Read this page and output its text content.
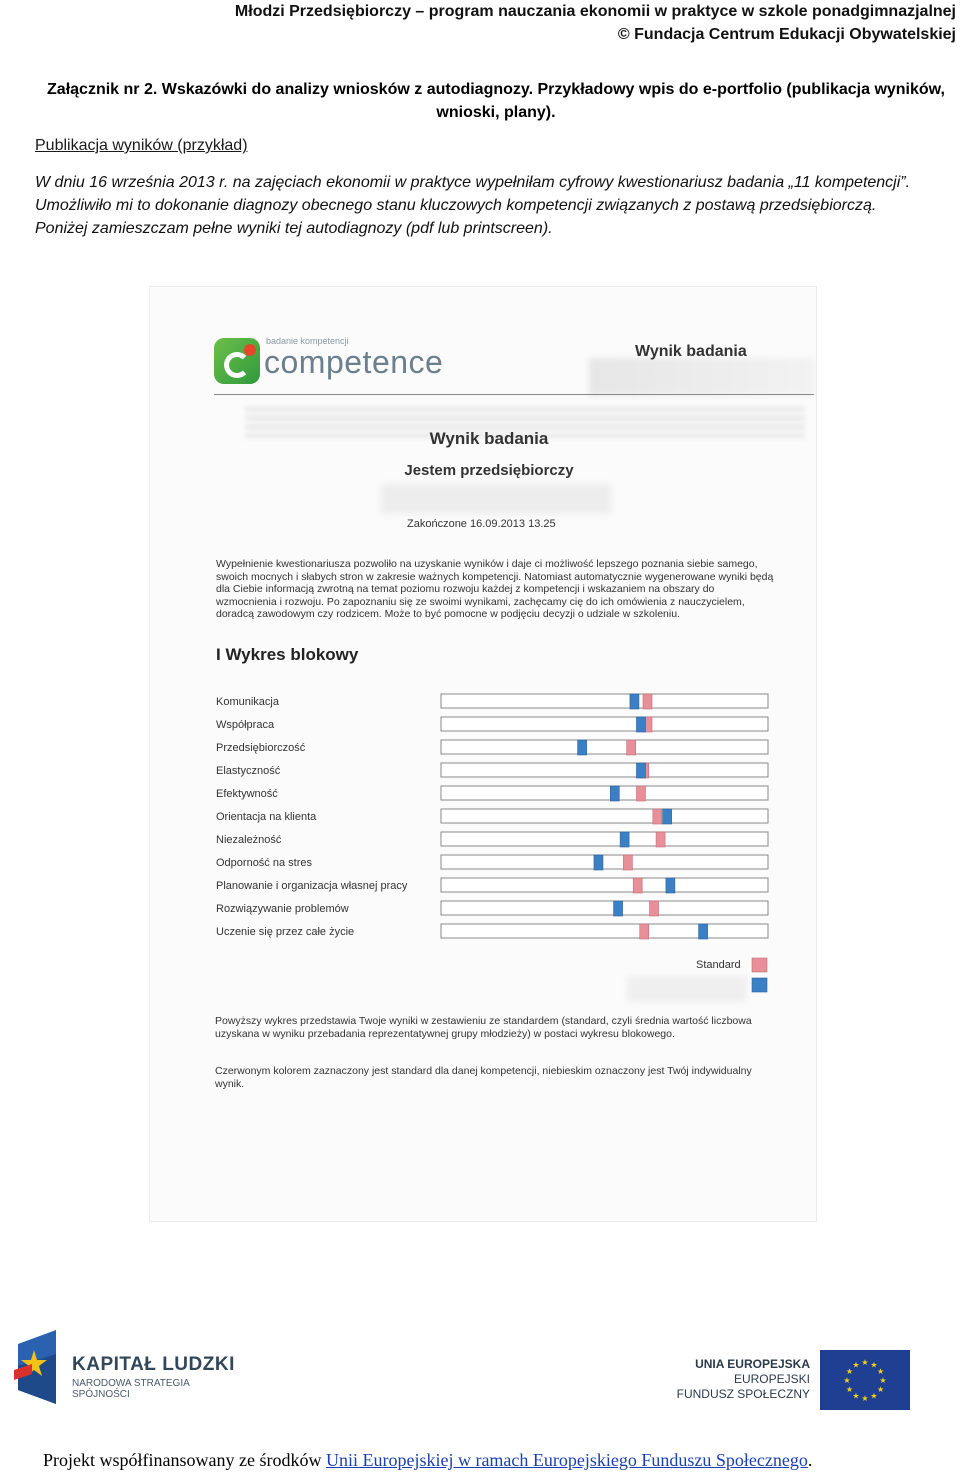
Młodzi Przedsiębiorczy – program nauczania ekonomii w praktyce w szkole ponadgimnazjalnej
© Fundacja Centrum Edukacji Obywatelskiej
Załącznik nr 2. Wskazówki do analizy wniosków z autodiagnozy. Przykładowy wpis do e-portfolio (publikacja wyników, wnioski, plany).
Publikacja wyników (przykład)
W dniu 16 września 2013 r. na zajęciach ekonomii w praktyce wypełniłam cyfrowy kwestionariusz badania „11 kompetencji”. Umożliwiło mi to dokonanie diagnozy obecnego stanu kluczowych kompetencji związanych z postawą przedsiębiorczą. Poniżej zamieszczam pełne wyniki tej autodiagnozy (pdf lub printscreen).
badanie kompetencji
competence	Wynik badania
Wynik badania
Jestem przedsiębiorczy
Zakończone 16.09.2013 13.25
Wypełnienie kwestionariusza pozwoliło na uzyskanie wyników i daje ci możliwość lepszego poznania siebie samego, swoich mocnych i słabych stron w zakresie ważnych kompetencji. Natomiast automatycznie wygenerowane wyniki będą dla Ciebie informacją zwrotną na temat poziomu rozwoju każdej z kompetencji i wskazaniem na obszary do wzmocnienia i rozwoju. Po zapoznaniu się ze swoimi wynikami, zachęcamy cię do ich omówienia z nauczycielem, doradcą zawodowym czy rodzicem. Może to być pomocne w podjęciu decyzji o udziale w szkoleniu.
I Wykres blokowy
Komunikacja
Współpraca
Przedsiębiorczość
Elastyczność
Efektywność
Orientacja na klienta
Niezależność
Odporność na stres
Planowanie i organizacja własnej pracy
Rozwiązywanie problemów
Uczenie się przez całe życie
Standard
Powyższy wykres przedstawia Twoje wyniki w zestawieniu ze standardem (standard, czyli średnia wartość liczbowa uzyskana w wyniku przebadania reprezentatywnej grupy młodzieży) w postaci wykresu blokowego.
Czerwonym kolorem zaznaczony jest standard dla danej kompetencji, niebieskim oznaczony jest Twój indywidualny wynik.
KAPITAŁ LUDZKI
NARODOWA STRATEGIA SPÓJNOŚCI
UNIA EUROPEJSKA
EUROPEJSKI
FUNDUSZ SPOŁECZNY
★ ★
★
★
★
★
★
★
★
★
★
★
Projekt współfinansowany ze środków Unii Europejskiej w ramach Europejskiego Funduszu Społecznego.
